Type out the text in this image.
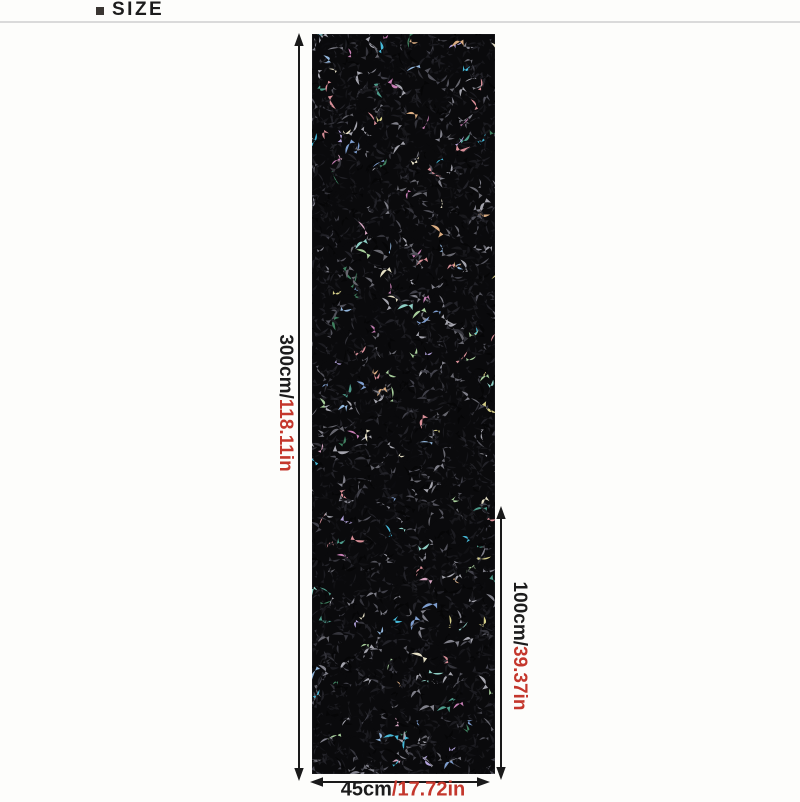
SIZE
300cm/118.11in
100cm/39.37in
45cm/17.72in
